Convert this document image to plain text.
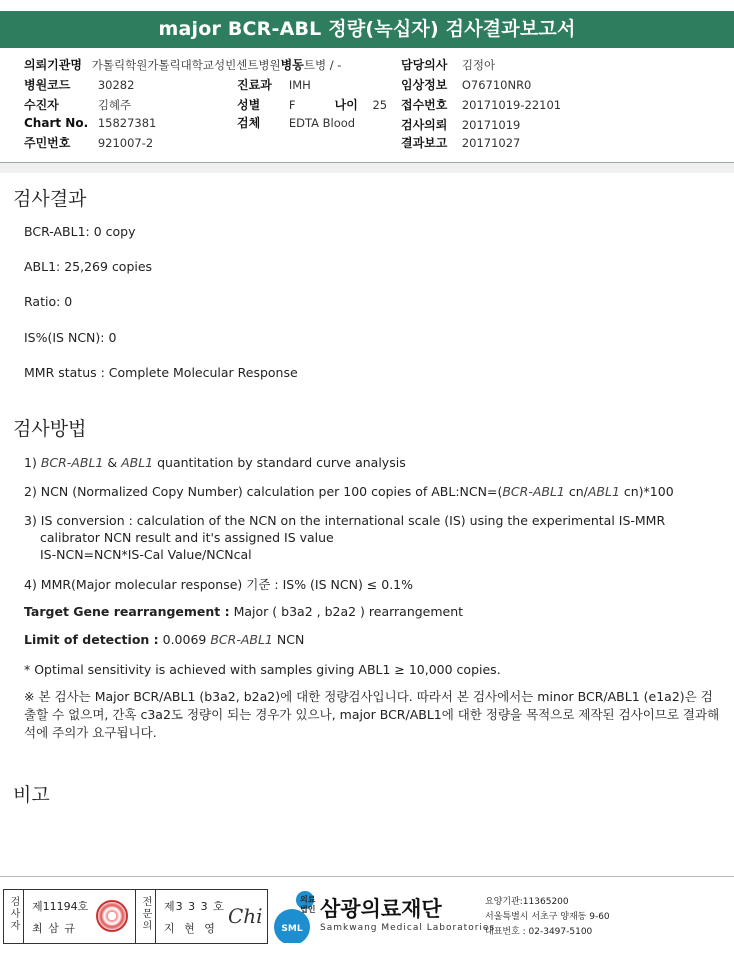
major BCR-ABL 정량(녹십자) 검사결과보고서
의뢰기관명 가톨릭학원가톨릭대학교성빈센트병원병동트병 / -
병원코드 30282	진료과 IMH
수진자	김혜주	성별 F	나이 25
Chart No. 15827381	검체 EDTA Blood
주민번호 921007-2
담당의사 김정아
임상정보 O76710NR0
접수번호 20171019-22101
검사의뢰 20171019
결과보고 20171027
검사결과
BCR-ABL1: 0 copy
ABL1: 25,269 copies
Ratio: 0
IS%(IS NCN): 0
MMR status : Complete Molecular Response
검사방법
1) BCR-ABL1 & ABL1 quantitation by standard curve analysis
2) NCN (Normalized Copy Number) calculation per 100 copies of ABL:NCN=(BCR-ABL1 cn/ABL1 cn)*100
3) IS conversion : calculation of the NCN on the international scale (IS) using the experimental IS-MMR
calibrator NCN result and it's assigned IS value
IS-NCN=NCN*IS-Cal Value/NCNcal
4) MMR(Major molecular response) 기준 : IS% (IS NCN) ≤ 0.1%
Target Gene rearrangement : Major ( b3a2 , b2a2 ) rearrangement
Limit of detection : 0.0069 BCR-ABL1 NCN
* Optimal sensitivity is achieved with samples giving ABL1 ≥ 10,000 copies.
※ 본 검사는 Major BCR/ABL1 (b3a2, b2a2)에 대한 정량검사입니다. 따라서 본 검사에서는 minor BCR/ABL1 (e1a2)은 검출할 수 없으며, 간혹 c3a2도 정량이 되는 경우가 있으나, major BCR/ABL1에 대한 정량을 목적으로 제작된 검사이므로 결과해석에 주의가 요구됩니다.
비고
검사자	제11194호
최 삼 규	전문의	제3 3 3 호
지 현 영
Chi
SML
의료법인 삼광의료재단
Samkwang Medical Laboratories
요양기관:11365200
서울특별시 서초구 양재동 9-60
대표번호 : 02-3497-5100
